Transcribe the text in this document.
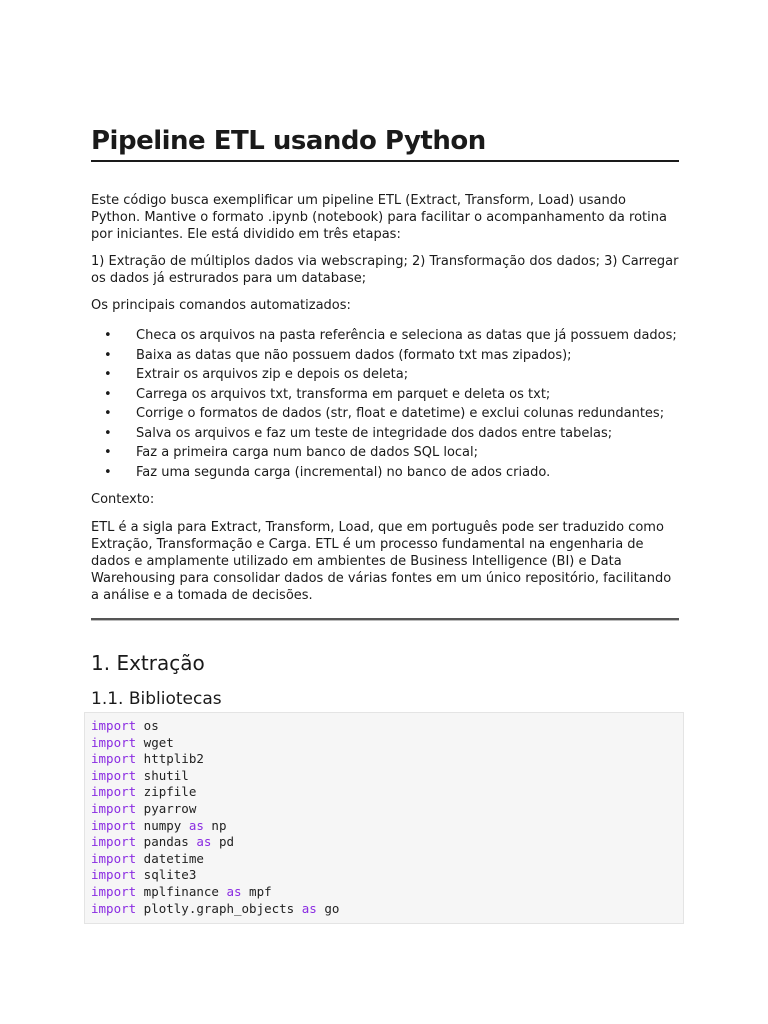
Pipeline ETL usando Python

Este código busca exemplificar um pipeline ETL (Extract, Transform, Load) usando Python. Mantive o formato .ipynb (notebook) para facilitar o acompanhamento da rotina por iniciantes. Ele está dividido em três etapas:

1) Extração de múltiplos dados via webscraping; 2) Transformação dos dados; 3) Carregar os dados já estrurados para um database;

Os principais comandos automatizados:

• Checa os arquivos na pasta referência e seleciona as datas que já possuem dados;
• Baixa as datas que não possuem dados (formato txt mas zipados);
• Extrair os arquivos zip e depois os deleta;
• Carrega os arquivos txt, transforma em parquet e deleta os txt;
• Corrige o formatos de dados (str, float e datetime) e exclui colunas redundantes;
• Salva os arquivos e faz um teste de integridade dos dados entre tabelas;
• Faz a primeira carga num banco de dados SQL local;
• Faz uma segunda carga (incremental) no banco de ados criado.

Contexto:

ETL é a sigla para Extract, Transform, Load, que em português pode ser traduzido como Extração, Transformação e Carga. ETL é um processo fundamental na engenharia de dados e amplamente utilizado em ambientes de Business Intelligence (BI) e Data Warehousing para consolidar dados de várias fontes em um único repositório, facilitando a análise e a tomada de decisões.

1. Extração
1.1. Bibliotecas
import os
import wget
import httplib2
import shutil
import zipfile
import pyarrow
import numpy as np
import pandas as pd
import datetime
import sqlite3
import mplfinance as mpf
import plotly.graph_objects as go
